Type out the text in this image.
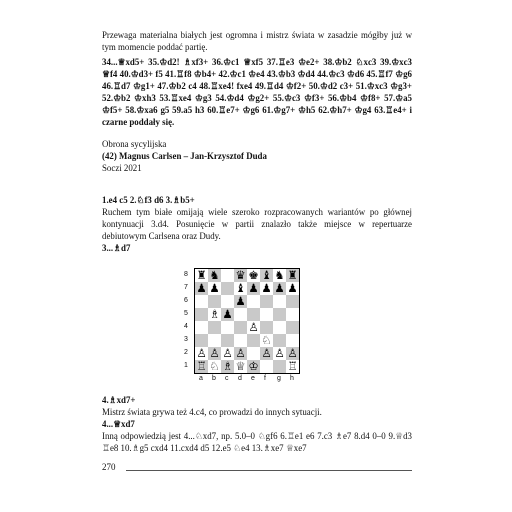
Przewaga materialna białych jest ogromna i mistrz świata w zasadzie mógłby już w tym momencie poddać partię.

34...♕xd5+ 35.♔d2! ♗xf3+ 36.♔c1 ♕xf5 37.♖e3 ♔e2+ 38.♔b2 ♘xc3 39.♔xc3 ♕f4 40.♔d3+ f5 41.♖f8 ♔b4+ 42.♔c1 ♔e4 43.♔b3 ♔d4 44.♔c3 ♔d6 45.♖f7 ♔g6 46.♖d7 ♔g1+ 47.♔b2 c4 48.♖xe4! fxe4 49.♖d4 ♔f2+ 50.♔d2 c3+ 51.♔xc3 ♔g3+ 52.♔b2 ♔xh3 53.♖xe4 ♔g3 54.♔d4 ♔g2+ 55.♔c3 ♔f3+ 56.♔b4 ♔f8+ 57.♔a5 ♔f5+ 58.♔xa6 g5 59.a5 h3 60.♖e7+ ♔g6 61.♔g7+ ♔h5 62.♔h7+ ♔g4 63.♖e4+ i czarne poddały się.

Obrona sycylijska

(42) Magnus Carlsen – Jan-Krzysztof Duda

Soczi 2021

1.e4 c5 2.♘f3 d6 3.♗b5+

Ruchem tym białe omijają wiele szeroko rozpracowanych wariantów po głównej kontynuacji 3.d4. Posunięcie w partii znalazło także miejsce w repertuarze debiutowym Carlsena oraz Dudy.

3...♗d7

8 ♜ ♞ ♛ ♚ ♝ ♞ ♜
7 ♟ ♟ ♝ ♟ ♟ ♟ ♟
6	♟
5 ♗ ♟
4	♙
3	♘
2 ♙ ♙ ♙ ♙ ♙ ♙ ♙
1 ♖ ♘ ♗ ♕ ♔ ♖
a b c d e f g h

4.♗xd7+

Mistrz świata grywa też 4.c4, co prowadzi do innych sytuacji.

4...♕xd7

Inną odpowiedzią jest 4...♘xd7, np. 5.0–0 ♘gf6 6.♖e1 e6 7.c3 ♗e7 8.d4 0–0 9.♕d3 ♖e8 10.♗g5 cxd4 11.cxd4 d5 12.e5 ♘e4 13.♗xe7 ♕xe7

270
